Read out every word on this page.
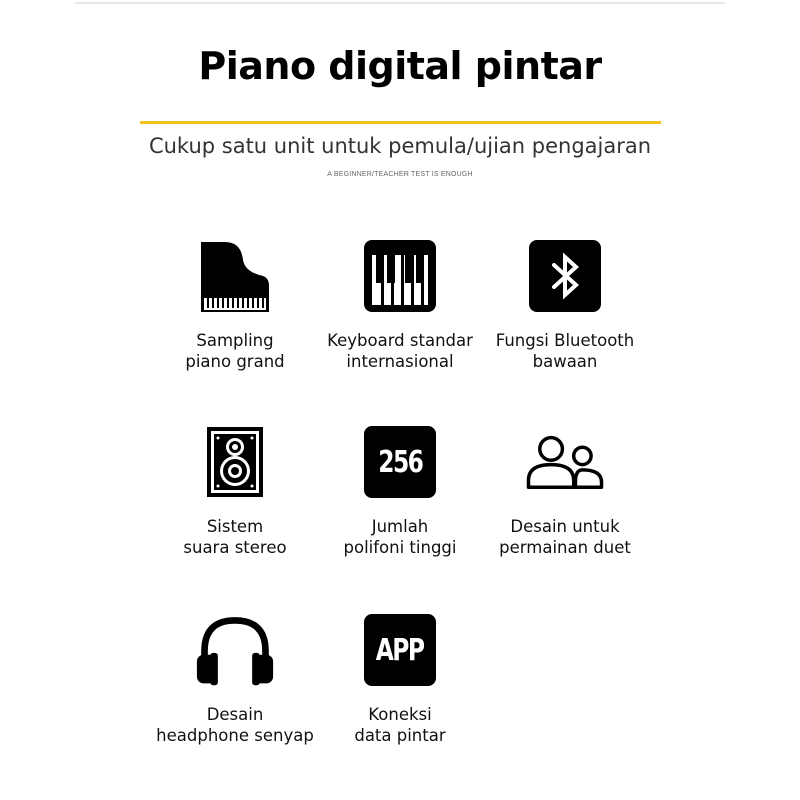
Piano digital pintar
Cukup satu unit untuk pemula/ujian pengajaran
A BEGINNER/TEACHER TEST IS ENOUGH
Sampling
piano grand
Keyboard standar
internasional
Fungsi Bluetooth
bawaan
Sistem
suara stereo
256
Jumlah
polifoni tinggi
Desain untuk
permainan duet
Desain
headphone senyap
APP
Koneksi
data pintar
